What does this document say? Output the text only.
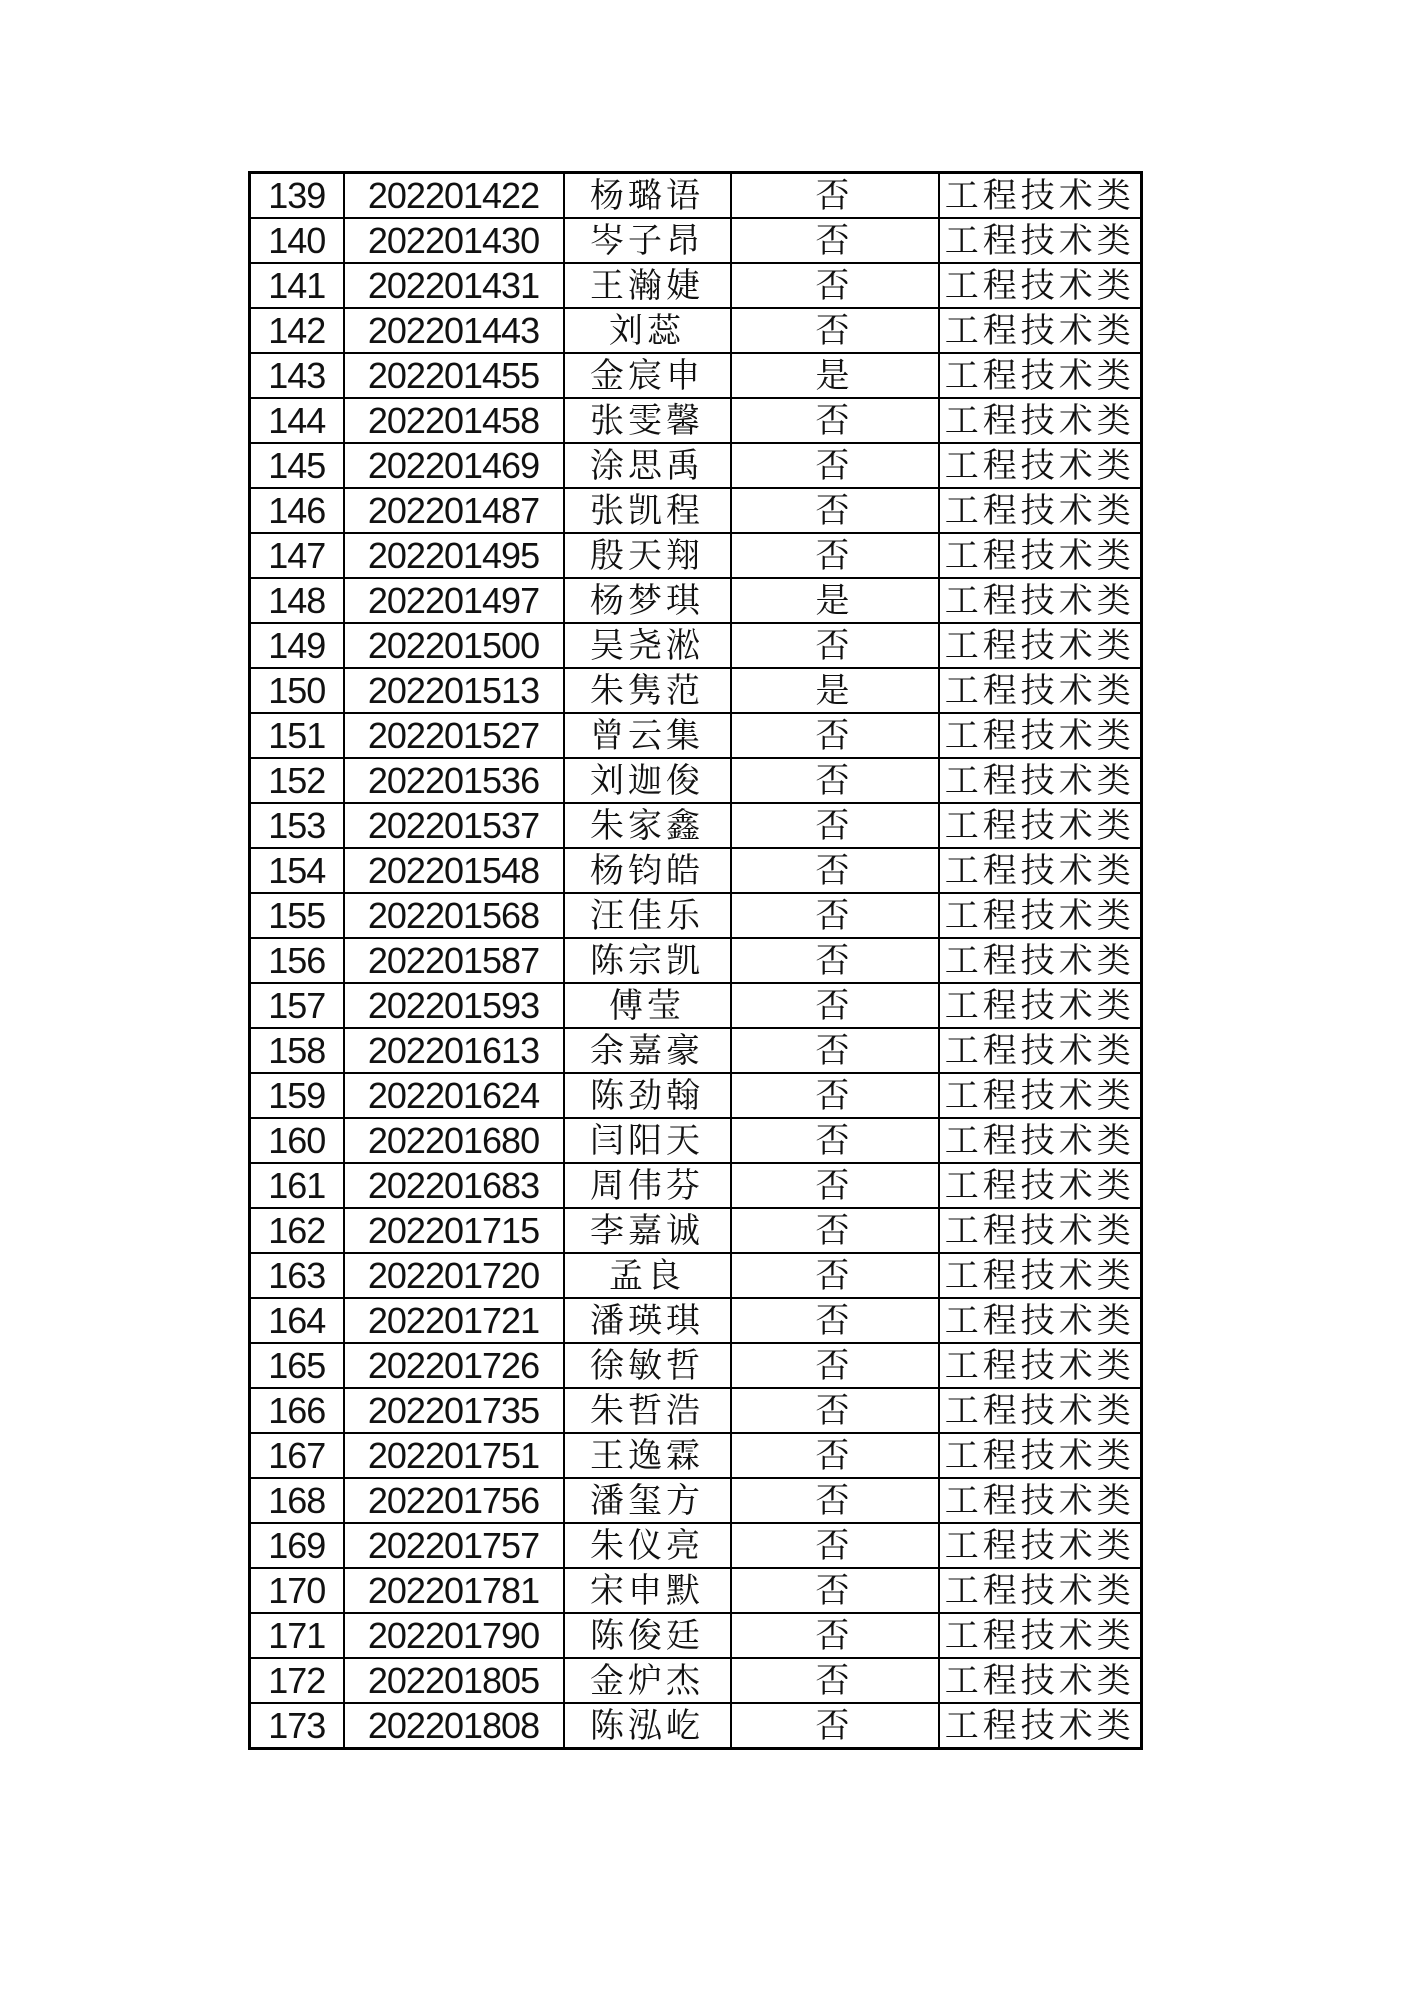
139	202201422	杨璐语	否	工程技术类
140	202201430	岑子昂	否	工程技术类
141	202201431	王瀚婕	否	工程技术类
142	202201443	刘蕊	否	工程技术类
143	202201455	金宸申	是	工程技术类
144	202201458	张雯馨	否	工程技术类
145	202201469	涂思禹	否	工程技术类
146	202201487	张凯程	否	工程技术类
147	202201495	殷天翔	否	工程技术类
148	202201497	杨梦琪	是	工程技术类
149	202201500	吴尧淞	否	工程技术类
150	202201513	朱隽范	是	工程技术类
151	202201527	曾云集	否	工程技术类
152	202201536	刘迦俊	否	工程技术类
153	202201537	朱家鑫	否	工程技术类
154	202201548	杨钧皓	否	工程技术类
155	202201568	汪佳乐	否	工程技术类
156	202201587	陈宗凯	否	工程技术类
157	202201593	傅莹	否	工程技术类
158	202201613	余嘉豪	否	工程技术类
159	202201624	陈劲翰	否	工程技术类
160	202201680	闫阳天	否	工程技术类
161	202201683	周伟芬	否	工程技术类
162	202201715	李嘉诚	否	工程技术类
163	202201720	孟良	否	工程技术类
164	202201721	潘瑛琪	否	工程技术类
165	202201726	徐敏哲	否	工程技术类
166	202201735	朱哲浩	否	工程技术类
167	202201751	王逸霖	否	工程技术类
168	202201756	潘玺方	否	工程技术类
169	202201757	朱仪亮	否	工程技术类
170	202201781	宋申默	否	工程技术类
171	202201790	陈俊廷	否	工程技术类
172	202201805	金炉杰	否	工程技术类
173	202201808	陈泓屹	否	工程技术类
